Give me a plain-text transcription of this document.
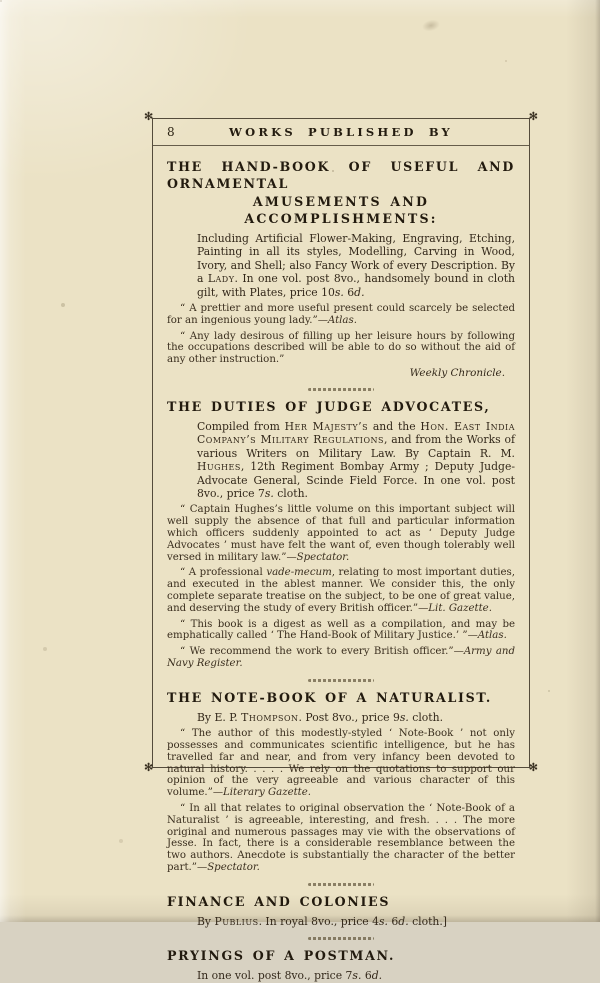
✻	✻
✻	✻
8	WORKS PUBLISHED BY
THE HAND-BOOK OF USEFUL AND ORNAMENTAL
AMUSEMENTS AND ACCOMPLISHMENTS:

Including Artificial Flower-Making, Engraving, Etching, Painting in all its styles, Modelling, Carving in Wood, Ivory, and Shell; also Fancy Work of every Description. By a Lady. In one vol. post 8vo., handsomely bound in cloth gilt, with Plates, price 10s. 6d.

“ A prettier and more useful present could scarcely be selected for an ingenious young lady.”—Atlas.

“ Any lady desirous of filling up her leisure hours by following the occupations described will be able to do so without the aid of any other instruction.”

Weekly Chronicle.

THE DUTIES OF JUDGE ADVOCATES,

Compiled from Her Majesty’s and the Hon. East India Company’s Military Regulations, and from the Works of various Writers on Military Law. By Captain R. M. Hughes, 12th Regiment Bombay Army ; Deputy Judge-Advocate General, Scinde Field Force. In one vol. post 8vo., price 7s. cloth.

“ Captain Hughes’s little volume on this important subject will well supply the absence of that full and particular information which officers suddenly appointed to act as ‘ Deputy Judge Advocates ’ must have felt the want of, even though tolerably well versed in military law.”—Spectator.

“ A professional vade-mecum, relating to most important duties, and executed in the ablest manner. We consider this, the only complete separate treatise on the subject, to be one of great value, and deserving the study of every British officer.”—Lit. Gazette.

“ This book is a digest as well as a compilation, and may be emphatically called ‘ The Hand-Book of Military Justice.’ ”—Atlas.

“ We recommend the work to every British officer.”—Army and Navy Register.

THE NOTE-BOOK OF A NATURALIST.

By E. P. Thompson. Post 8vo., price 9s. cloth.

“ The author of this modestly-styled ‘ Note-Book ’ not only possesses and communicates scientific intelligence, but he has travelled far and near, and from very infancy been devoted to natural history. . . . . We rely on the quotations to support our opinion of the very agreeable and various character of this volume.”—Literary Gazette.

“ In all that relates to original observation the ‘ Note-Book of a Naturalist ’ is agreeable, interesting, and fresh. . . . The more original and numerous passages may vie with the observations of Jesse. In fact, there is a considerable resemblance between the two authors. Anecdote is substantially the character of the better part.”—Spectator.

FINANCE AND COLONIES

By Publius. In royal 8vo., price 4s. 6d. cloth.]

PRYINGS OF A POSTMAN.

In one vol. post 8vo., price 7s. 6d.
